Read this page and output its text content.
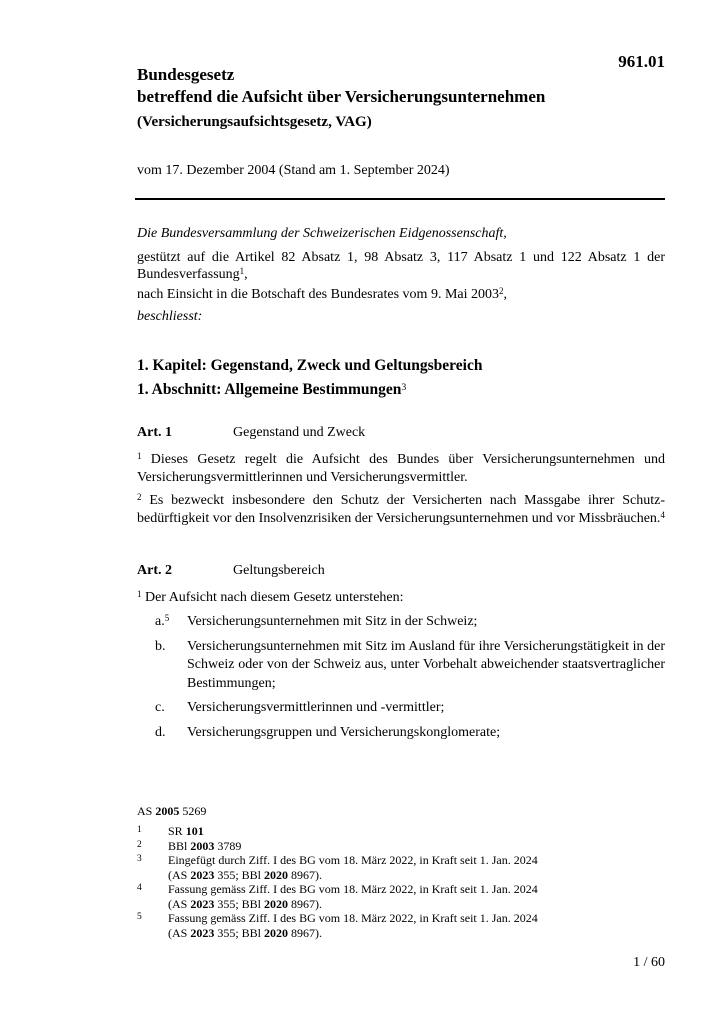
961.01
Bundesgesetz
betreffend die Aufsicht über Versicherungsunternehmen
(Versicherungsaufsichtsgesetz, VAG)
vom 17. Dezember 2004 (Stand am 1. September 2024)

Die Bundesversammlung der Schweizerischen Eidgenossenschaft,

gestützt auf die Artikel 82 Absatz 1, 98 Absatz 3, 117 Absatz 1 und 122 Absatz 1 der Bundesverfassung$^1$,

nach Einsicht in die Botschaft des Bundesrates vom 9. Mai 2003$^2$,

beschliesst:

1. Kapitel: Gegenstand, Zweck und Geltungsbereich
1. Abschnitt: Allgemeine Bestimmungen$^3$
Art. 1	Gegenstand und Zweck

$^1$ Dieses Gesetz regelt die Aufsicht des Bundes über Versicherungsunternehmen und Versicherungsvermittlerinnen und Versicherungsvermittler.

$^2$ Es bezweckt insbesondere den Schutz der Versicherten nach Massgabe ihrer Schutzbedürftigkeit vor den Insolvenzrisiken der Versicherungsunternehmen und vor Missbräuchen.$^4$

Art. 2	Geltungsbereich

$^1$ Der Aufsicht nach diesem Gesetz unterstehen:

a.$^5$	Versicherungsunternehmen mit Sitz in der Schweiz;
b.	Versicherungsunternehmen mit Sitz im Ausland für ihre Versicherungstätigkeit in der Schweiz oder von der Schweiz aus, unter Vorbehalt abweichender staatsvertraglicher Bestimmungen;
c.	Versicherungsvermittlerinnen und -vermittler;
d.	Versicherungsgruppen und Versicherungskonglomerate;
AS 2005 5269
1	SR 101
2	BBl 2003 3789
3	Eingefügt durch Ziff. I des BG vom 18. März 2022, in Kraft seit 1. Jan. 2024
(AS 2023 355; BBl 2020 8967).
4	Fassung gemäss Ziff. I des BG vom 18. März 2022, in Kraft seit 1. Jan. 2024
(AS 2023 355; BBl 2020 8967).
5	Fassung gemäss Ziff. I des BG vom 18. März 2022, in Kraft seit 1. Jan. 2024
(AS 2023 355; BBl 2020 8967).
1 / 60
